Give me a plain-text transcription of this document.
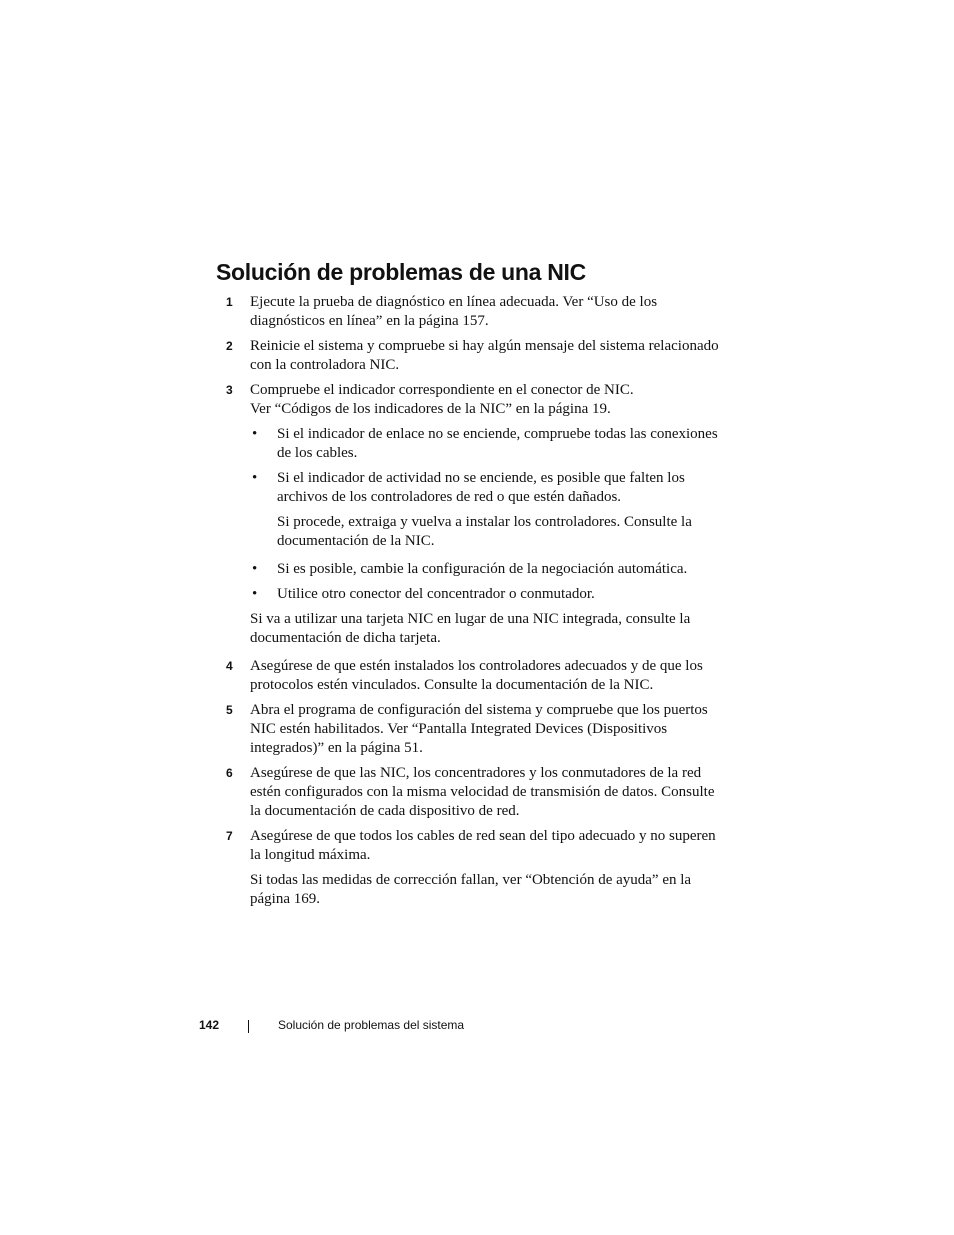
Solución de problemas de una NIC
1 Ejecute la prueba de diagnóstico en línea adecuada. Ver “Uso de los diagnósticos en línea” en la página 157.

2 Reinicie el sistema y compruebe si hay algún mensaje del sistema relacionado con la controladora NIC.

3 Compruebe el indicador correspondiente en el conector de NIC.
Ver “Códigos de los indicadores de la NIC” en la página 19.

• Si el indicador de enlace no se enciende, compruebe todas las conexiones de los cables.

• Si el indicador de actividad no se enciende, es posible que falten los archivos de los controladores de red o que estén dañados.

Si procede, extraiga y vuelva a instalar los controladores. Consulte la documentación de la NIC.

• Si es posible, cambie la configuración de la negociación automática.

• Utilice otro conector del concentrador o conmutador.

Si va a utilizar una tarjeta NIC en lugar de una NIC integrada, consulte la documentación de dicha tarjeta.

4 Asegúrese de que estén instalados los controladores adecuados y de que los protocolos estén vinculados. Consulte la documentación de la NIC.

5 Abra el programa de configuración del sistema y compruebe que los puertos NIC estén habilitados. Ver “Pantalla Integrated Devices (Dispositivos integrados)” en la página 51.

6 Asegúrese de que las NIC, los concentradores y los conmutadores de la red estén configurados con la misma velocidad de transmisión de datos. Consulte la documentación de cada dispositivo de red.

7 Asegúrese de que todos los cables de red sean del tipo adecuado y no superen la longitud máxima.

Si todas las medidas de corrección fallan, ver “Obtención de ayuda” en la página 169.

142	Solución de problemas del sistema
